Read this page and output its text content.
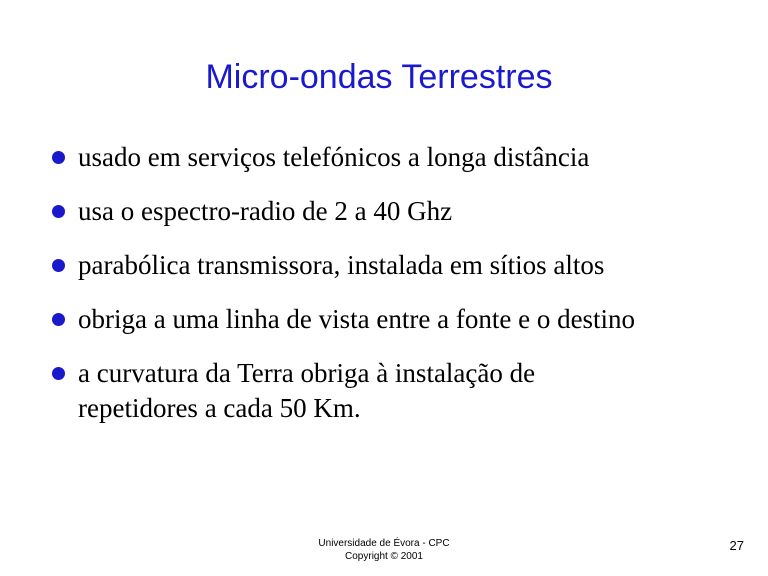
Micro-ondas Terrestres
usado em serviços telefónicos a longa distância
usa o espectro-radio de 2 a 40 Ghz
parabólica transmissora, instalada em sítios altos
obriga a uma linha de vista entre a fonte e o destino
a curvatura da Terra obriga à instalação de repetidores a cada 50 Km.
Universidade de Évora - CPC
Copyright © 2001
27
